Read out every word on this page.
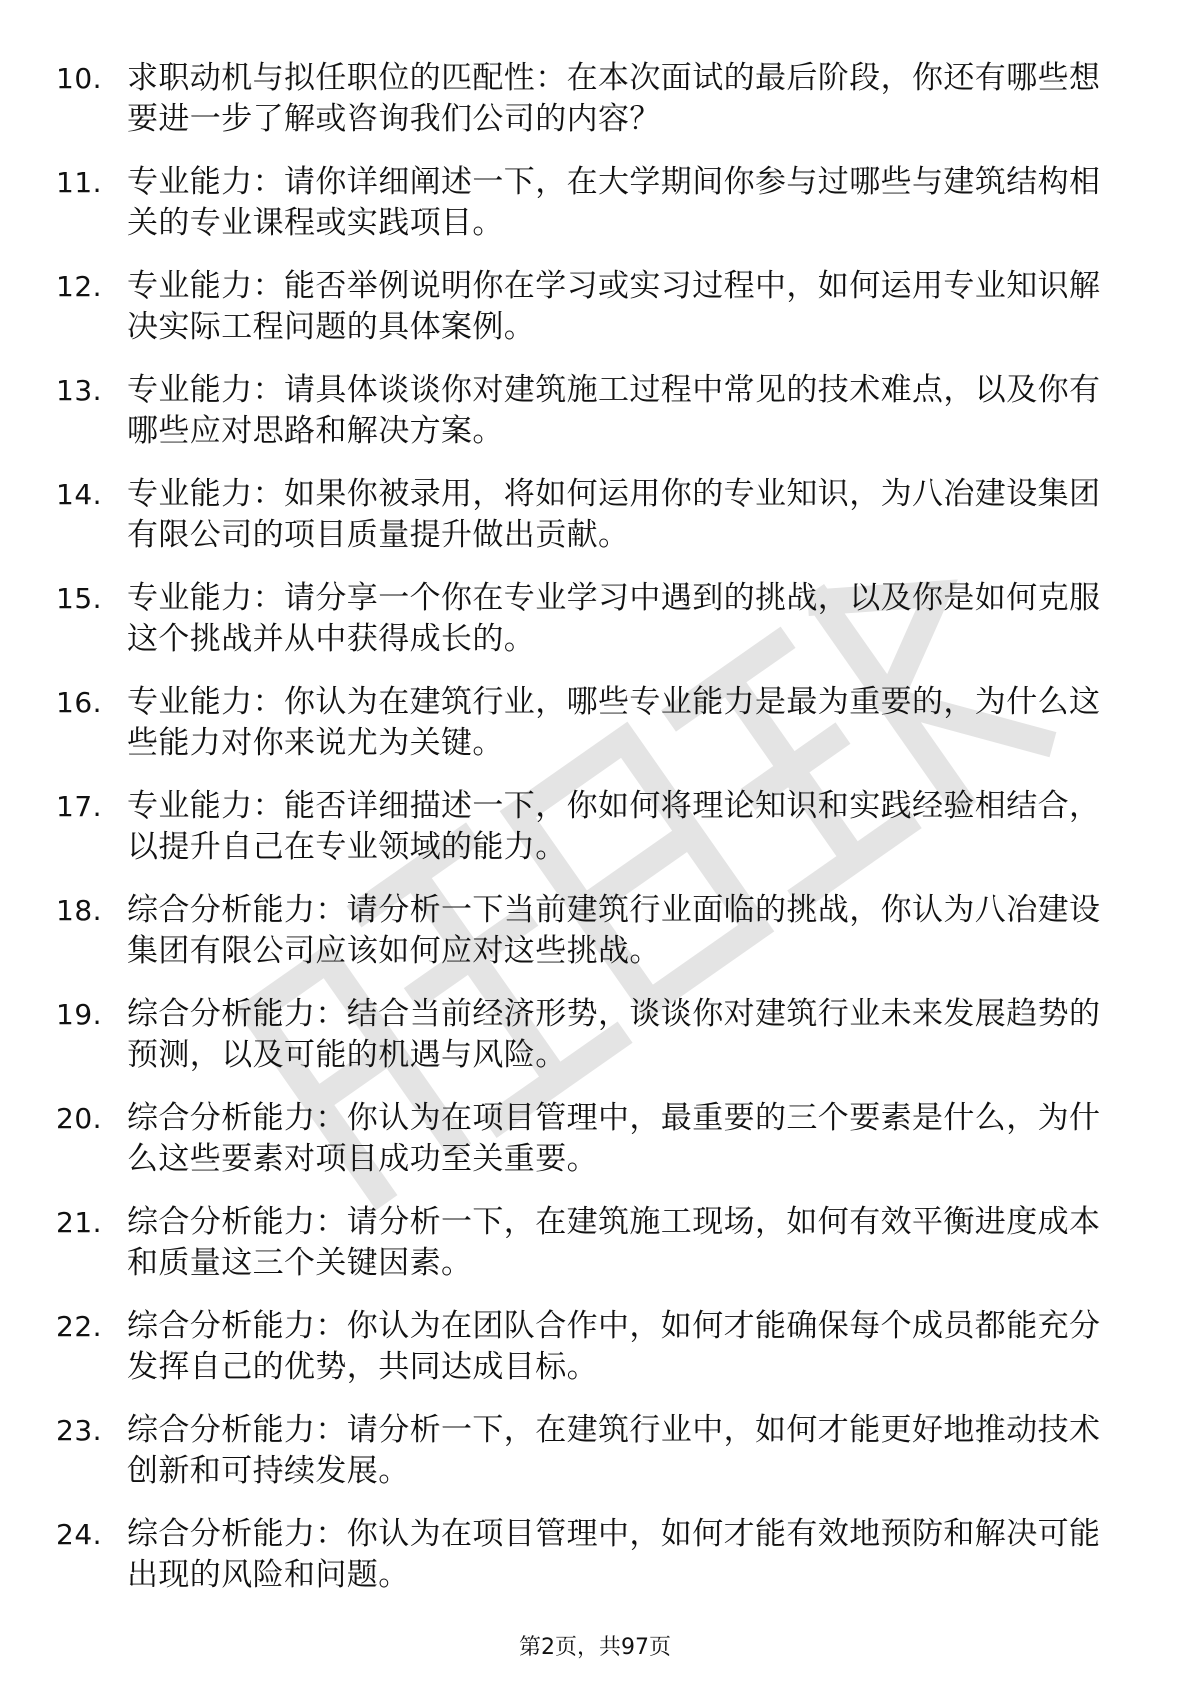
10. 求职动机与拟任职位的匹配性：在本次面试的最后阶段，你还有哪些想要进一步了解或咨询我们公司的内容？
11. 专业能力：请你详细阐述一下，在大学期间你参与过哪些与建筑结构相关的专业课程或实践项目。
12. 专业能力：能否举例说明你在学习或实习过程中，如何运用专业知识解决实际工程问题的具体案例。
13. 专业能力：请具体谈谈你对建筑施工过程中常见的技术难点，以及你有哪些应对思路和解决方案。
14. 专业能力：如果你被录用，将如何运用你的专业知识，为八冶建设集团有限公司的项目质量提升做出贡献。
15. 专业能力：请分享一个你在专业学习中遇到的挑战，以及你是如何克服这个挑战并从中获得成长的。
16. 专业能力：你认为在建筑行业，哪些专业能力是最为重要的，为什么这些能力对你来说尤为关键。
17. 专业能力：能否详细描述一下，你如何将理论知识和实践经验相结合，以提升自己在专业领域的能力。
18. 综合分析能力：请分析一下当前建筑行业面临的挑战，你认为八冶建设集团有限公司应该如何应对这些挑战。
19. 综合分析能力：结合当前经济形势，谈谈你对建筑行业未来发展趋势的预测，以及可能的机遇与风险。
20. 综合分析能力：你认为在项目管理中，最重要的三个要素是什么，为什么这些要素对项目成功至关重要。
21. 综合分析能力：请分析一下，在建筑施工现场，如何有效平衡进度成本和质量这三个关键因素。
22. 综合分析能力：你认为在团队合作中，如何才能确保每个成员都能充分发挥自己的优势，共同达成目标。
23. 综合分析能力：请分析一下，在建筑行业中，如何才能更好地推动技术创新和可持续发展。
24. 综合分析能力：你认为在项目管理中，如何才能有效地预防和解决可能出现的风险和问题。
第2页，共97页
